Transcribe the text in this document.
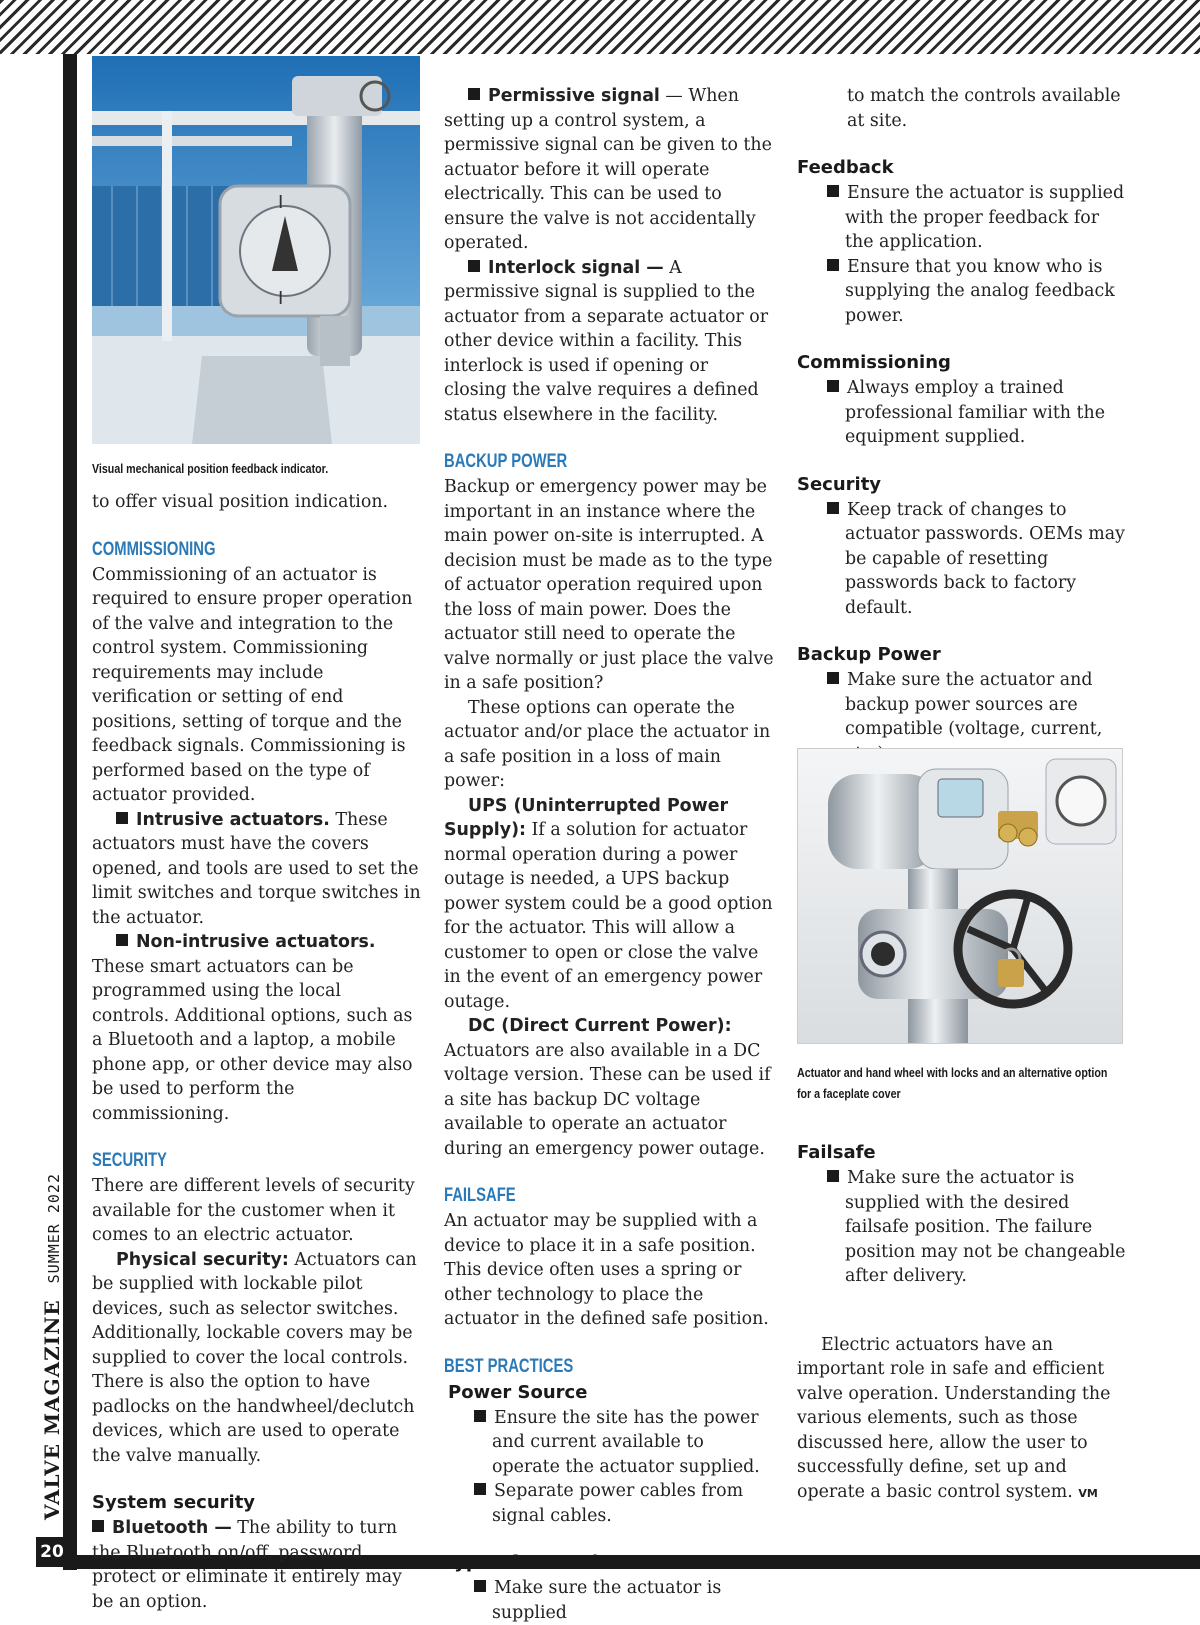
20
VALVE MAGAZINESUMMER 2022
I
I
Visual mechanical position feedback indicator.

to offer visual position indication.

COMMISSIONING

Commissioning of an actuator is required to ensure proper operation of the valve and integration to the control system. Commissioning requirements may include verification or setting of end positions, setting of torque and the feedback signals. Commissioning is performed based on the type of actuator provided.

Intrusive actuators. These actuators must have the covers opened, and tools are used to set the limit switches and torque switches in the actuator.

Non-intrusive actuators. These smart actuators can be programmed using the local controls. Additional options, such as a Bluetooth and a laptop, a mobile phone app, or other device may also be used to perform the commissioning.

SECURITY

There are different levels of security available for the customer when it comes to an electric actuator.

Physical security: Actuators can be supplied with lockable pilot devices, such as selector switches. Additionally, lockable covers may be supplied to cover the local controls. There is also the option to have padlocks on the handwheel/declutch devices, which are used to operate the valve manually.

System security

Bluetooth — The ability to turn the Bluetooth on/off, password protect or eliminate it entirely may be an option.

Permissive signal — When setting up a control system, a permissive signal can be given to the actuator before it will operate electrically. This can be used to ensure the valve is not accidentally operated.

Interlock signal — A permissive signal is supplied to the actuator from a separate actuator or other device within a facility. This interlock is used if opening or closing the valve requires a defined status elsewhere in the facility.

BACKUP POWER

Backup or emergency power may be important in an instance where the main power on-site is interrupted. A decision must be made as to the type of actuator operation required upon the loss of main power. Does the actuator still need to operate the valve normally or just place the valve in a safe position?

These options can operate the actuator and/or place the actuator in a safe position in a loss of main power:

UPS (Uninterrupted Power Supply): If a solution for actuator normal operation during a power outage is needed, a UPS backup power system could be a good option for the actuator. This will allow a customer to open or close the valve in the event of an emergency power outage.

DC (Direct Current Power): Actuators are also available in a DC voltage version. These can be used if a site has backup DC voltage available to operate an actuator during an emergency power outage.

FAILSAFE

An actuator may be supplied with a device to place it in a safe position. This device often uses a spring or other technology to place the actuator in the defined safe position.

BEST PRACTICES

Power Source

Ensure the site has the power and current available to operate the actuator supplied.

Separate power cables from signal cables.

Type of Controls

Make sure the actuator is supplied

to match the controls available at site.

Feedback

Ensure the actuator is supplied with the proper feedback for the application.

Ensure that you know who is supplying the analog feedback power.

Commissioning

Always employ a trained professional familiar with the equipment supplied.

Security

Keep track of changes to actuator passwords. OEMs may be capable of resetting passwords back to factory default.

Backup Power

Make sure the actuator and backup power sources are compatible (voltage, current,

Actuator and hand wheel with locks and an alternative option
for a faceplate cover

Failsafe

Make sure the actuator is supplied with the desired failsafe position. The failure position may not be changeable after delivery.

Electric actuators have an important role in safe and efficient valve operation. Understanding the various elements, such as those discussed here, allow the user to successfully define, set up and operate a basic control system. VM
